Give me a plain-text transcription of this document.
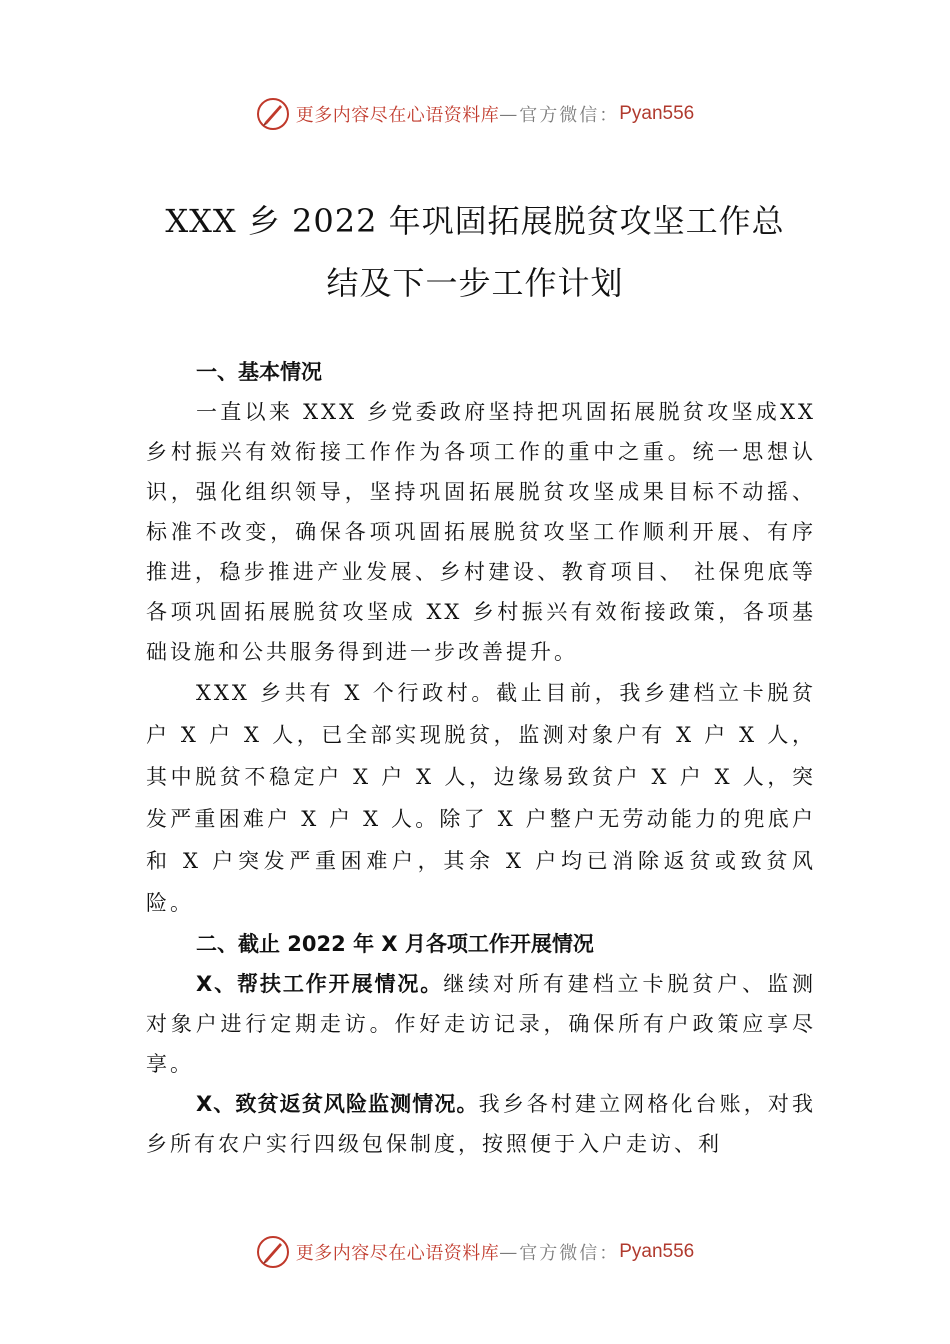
更多内容尽在心语资料库 — 官方微信： Pyan556
XXX 乡 2022 年巩固拓展脱贫攻坚工作总
结及下一步工作计划

一、基本情况

一直以来 XXX 乡党委政府坚持把巩固拓展脱贫攻坚成XX 乡村振兴有效衔接工作作为各项工作的重中之重。统一思想认识，强化组织领导，坚持巩固拓展脱贫攻坚成果目标不动摇、标准不改变，确保各项巩固拓展脱贫攻坚工作顺利开展、有序推进，稳步推进产业发展、乡村建设、教育项目、 社保兜底等各项巩固拓展脱贫攻坚成 XX 乡村振兴有效衔接政策，各项基础设施和公共服务得到进一步改善提升。

XXX 乡共有 X 个行政村。截止目前，我乡建档立卡脱贫户 X 户 X 人，已全部实现脱贫，监测对象户有 X 户 X 人，其中脱贫不稳定户 X 户 X 人，边缘易致贫户 X 户 X 人，突发严重困难户 X 户 X 人。除了 X 户整户无劳动能力的兜底户和 X 户突发严重困难户，其余 X 户均已消除返贫或致贫风险。

二、截止 2022 年 X 月各项工作开展情况

X、帮扶工作开展情况。继续对所有建档立卡脱贫户、监测对象户进行定期走访。作好走访记录，确保所有户政策应享尽享。

X、致贫返贫风险监测情况。我乡各村建立网格化台账，对我乡所有农户实行四级包保制度，按照便于入户走访、利

更多内容尽在心语资料库 — 官方微信： Pyan556
